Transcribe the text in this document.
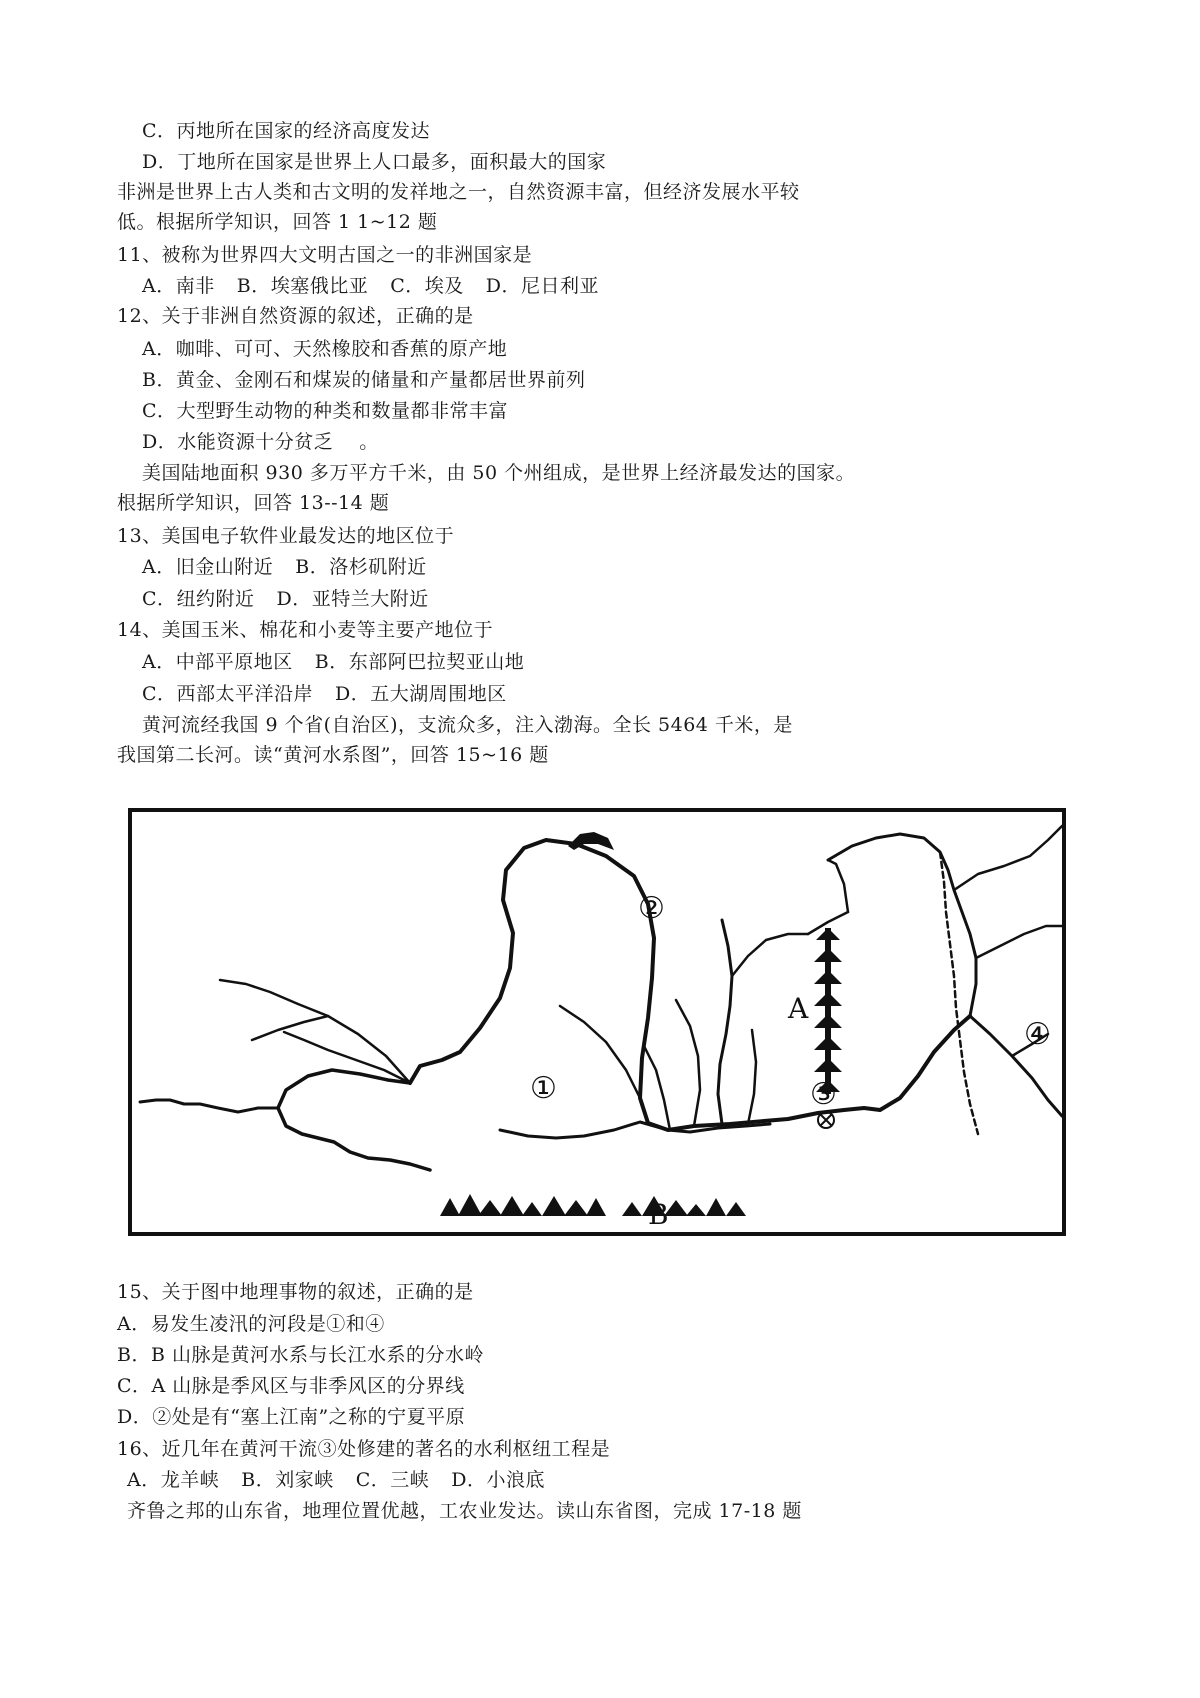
C．丙地所在国家的经济高度发达
D．丁地所在国家是世界上人口最多，面积最大的国家
非洲是世界上古人类和古文明的发祥地之一，自然资源丰富，但经济发展水平较
低。根据所学知识，回答 1 1~12 题
11、被称为世界四大文明古国之一的非洲国家是
A．南非 B．埃塞俄比亚 C．埃及 D．尼日利亚
12、关于非洲自然资源的叙述，正确的是
A．咖啡、可可、天然橡胶和香蕉的原产地
B．黄金、金刚石和煤炭的储量和产量都居世界前列
C．大型野生动物的种类和数量都非常丰富
D．水能资源十分贫乏　 。
美国陆地面积 930 多万平方千米，由 50 个州组成，是世界上经济最发达的国家。
根据所学知识，回答 13--14 题
13、美国电子软件业最发达的地区位于
A．旧金山附近 B．洛杉矶附近
C．纽约附近 D．亚特兰大附近
14、美国玉米、棉花和小麦等主要产地位于
A．中部平原地区 B．东部阿巴拉契亚山地
C．西部太平洋沿岸 D．五大湖周围地区
黄河流经我国 9 个省(自治区)，支流众多，注入渤海。全长 5464 千米，是
我国第二长河。读“黄河水系图”，回答 15~16 题
①
②
③
④
A
B
15、关于图中地理事物的叙述，正确的是
A．易发生凌汛的河段是①和④
B．B 山脉是黄河水系与长江水系的分水岭
C．A 山脉是季风区与非季风区的分界线
D．②处是有“塞上江南”之称的宁夏平原
16、近几年在黄河干流③处修建的著名的水利枢纽工程是
A．龙羊峡 B．刘家峡 C．三峡 D．小浪底
齐鲁之邦的山东省，地理位置优越，工农业发达。读山东省图，完成 17-18 题
